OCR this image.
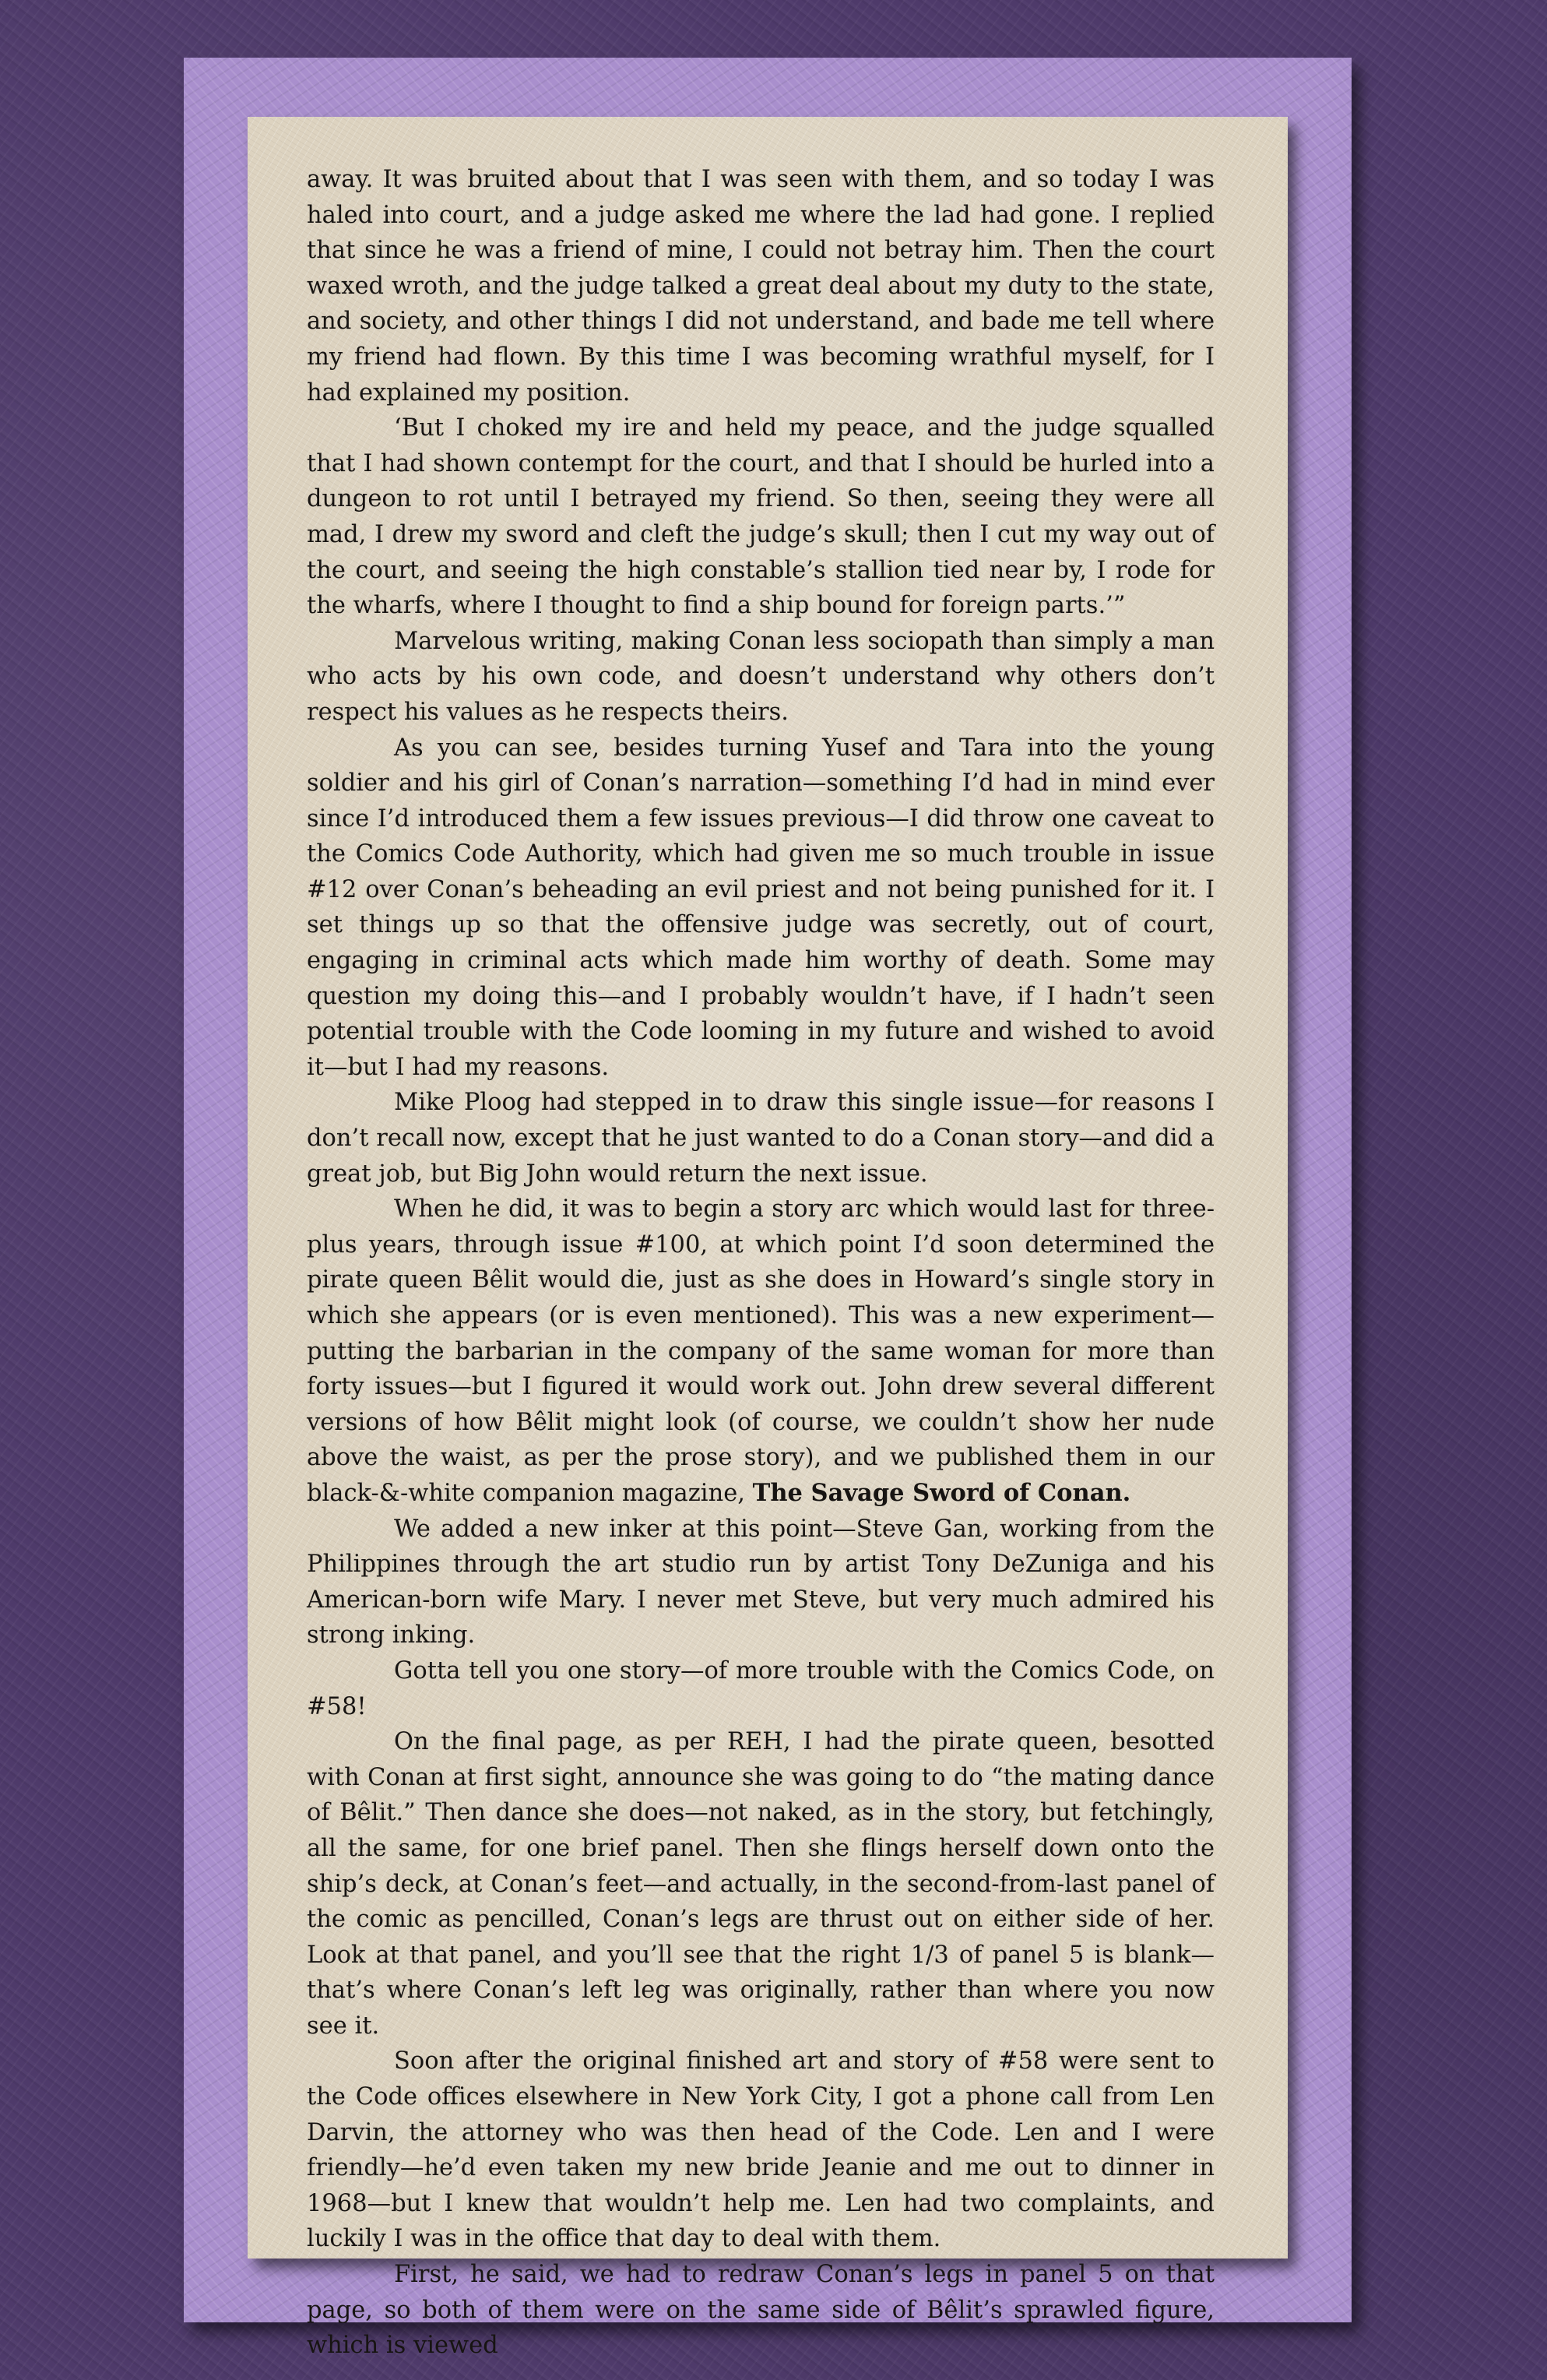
away. It was bruited about that I was seen with them, and so today I was haled into court, and a judge asked me where the lad had gone. I replied that since he was a friend of mine, I could not betray him. Then the court waxed wroth, and the judge talked a great deal about my duty to the state, and society, and other things I did not understand, and bade me tell where my friend had flown. By this time I was becoming wrathful myself, for I had explained my position.

‘But I choked my ire and held my peace, and the judge squalled that I had shown contempt for the court, and that I should be hurled into a dungeon to rot until I betrayed my friend. So then, seeing they were all mad, I drew my sword and cleft the judge’s skull; then I cut my way out of the court, and seeing the high constable’s stallion tied near by, I rode for the wharfs, where I thought to find a ship bound for foreign parts.’”

Marvelous writing, making Conan less sociopath than simply a man who acts by his own code, and doesn’t understand why others don’t respect his values as he respects theirs.

As you can see, besides turning Yusef and Tara into the young soldier and his girl of Conan’s narration—something I’d had in mind ever since I’d introduced them a few issues previous—I did throw one caveat to the Comics Code Authority, which had given me so much trouble in issue #12 over Conan’s beheading an evil priest and not being punished for it. I set things up so that the offensive judge was secretly, out of court, engaging in criminal acts which made him worthy of death. Some may question my doing this—and I probably wouldn’t have, if I hadn’t seen potential trouble with the Code looming in my future and wished to avoid it—but I had my reasons.

Mike Ploog had stepped in to draw this single issue—for reasons I don’t recall now, except that he just wanted to do a Conan story—and did a great job, but Big John would return the next issue.

When he did, it was to begin a story arc which would last for three-plus years, through issue #100, at which point I’d soon determined the pirate queen Bêlit would die, just as she does in Howard’s single story in which she appears (or is even mentioned). This was a new experiment—putting the barbarian in the company of the same woman for more than forty issues—but I figured it would work out. John drew several different versions of how Bêlit might look (of course, we couldn’t show her nude above the waist, as per the prose story), and we published them in our black-&-white companion magazine, The Savage Sword of Conan.

We added a new inker at this point—Steve Gan, working from the Philippines through the art studio run by artist Tony DeZuniga and his American-born wife Mary. I never met Steve, but very much admired his strong inking.

Gotta tell you one story—of more trouble with the Comics Code, on #58!

On the final page, as per REH, I had the pirate queen, besotted with Conan at first sight, announce she was going to do “the mating dance of Bêlit.” Then dance she does—not naked, as in the story, but fetchingly, all the same, for one brief panel. Then she flings herself down onto the ship’s deck, at Conan’s feet—and actually, in the second-from-last panel of the comic as pencilled, Conan’s legs are thrust out on either side of her. Look at that panel, and you’ll see that the right 1/3 of panel 5 is blank—that’s where Conan’s left leg was originally, rather than where you now see it.

Soon after the original finished art and story of #58 were sent to the Code offices elsewhere in New York City, I got a phone call from Len Darvin, the attorney who was then head of the Code. Len and I were friendly—he’d even taken my new bride Jeanie and me out to dinner in 1968—but I knew that wouldn’t help me. Len had two complaints, and luckily I was in the office that day to deal with them.

First, he said, we had to redraw Conan’s legs in panel 5 on that page, so both of them were on the same side of Bêlit’s sprawled figure, which is viewed
